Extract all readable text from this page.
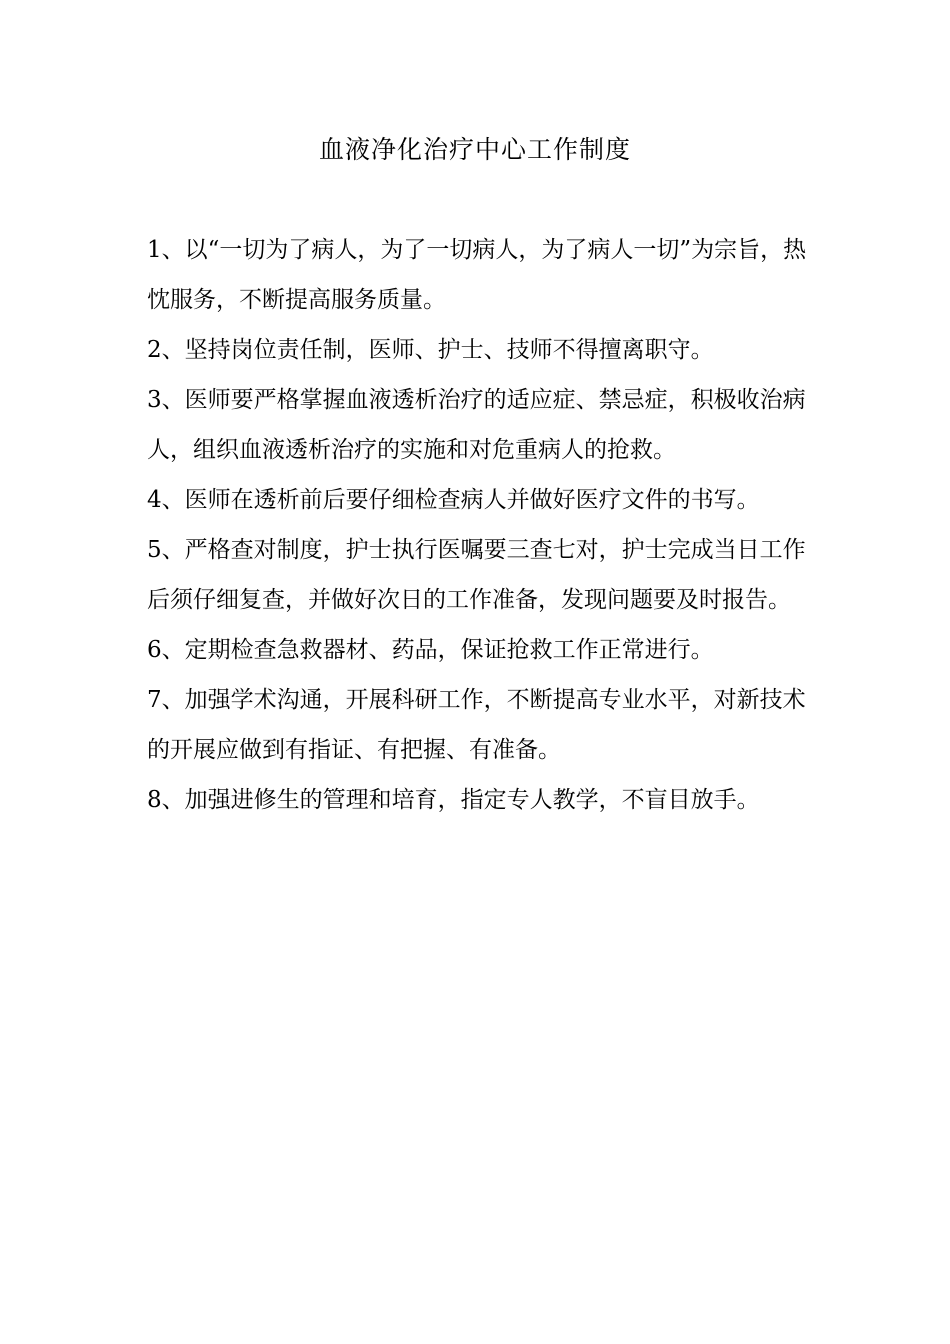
血液净化治疗中心工作制度
1、以“一切为了病人，为了一切病人，为了病人一切”为宗旨，热忱服务，不断提高服务质量。
2、坚持岗位责任制，医师、护士、技师不得擅离职守。
3、医师要严格掌握血液透析治疗的适应症、禁忌症，积极收治病人，组织血液透析治疗的实施和对危重病人的抢救。
4、医师在透析前后要仔细检查病人并做好医疗文件的书写。
5、严格查对制度，护士执行医嘱要三查七对，护士完成当日工作后须仔细复查，并做好次日的工作准备，发现问题要及时报告。
6、定期检查急救器材、药品，保证抢救工作正常进行。
7、加强学术沟通，开展科研工作，不断提高专业水平，对新技术的开展应做到有指证、有把握、有准备。
8、加强进修生的管理和培育，指定专人教学，不盲目放手。
